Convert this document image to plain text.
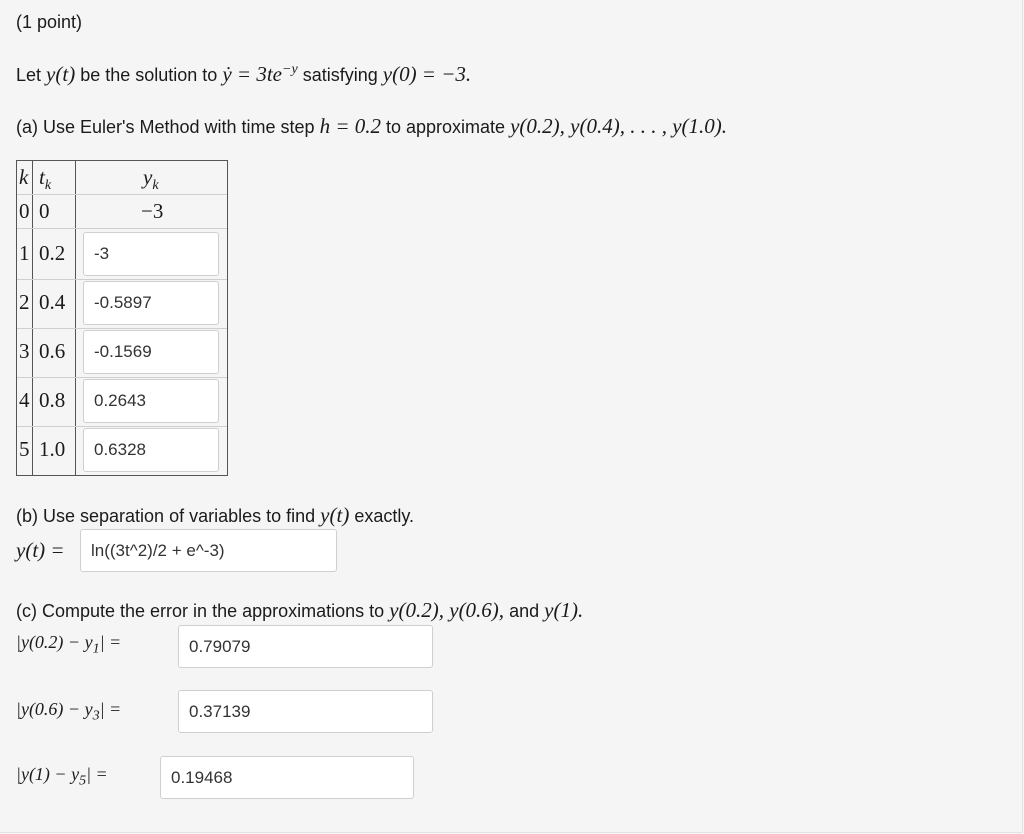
(1 point)
Let y(t) be the solution to ẏ = $3te^{-y}$ satisfying y(0) = −3.
(a) Use Euler's Method with time step h = 0.2 to approximate y(0.2), y(0.4), . . . , y(1.0).
k $t_k$	$y_k$
0 0	−3
1 0.2	-3
2 0.4	-0.5897
3 0.6	-0.1569
4 0.8	0.2643
5 1.0	0.6328
(b) Use separation of variables to find y(t) exactly.
y(t) =	ln((3t^2)/2 + e^-3)
(c) Compute the error in the approximations to y(0.2), y(0.6), and y(1).
$|y(0.2) - y_1|$ =	0.79079
$|y(0.6) - y_3|$ =	0.37139
$|y(1) - y_5|$ =	0.19468
